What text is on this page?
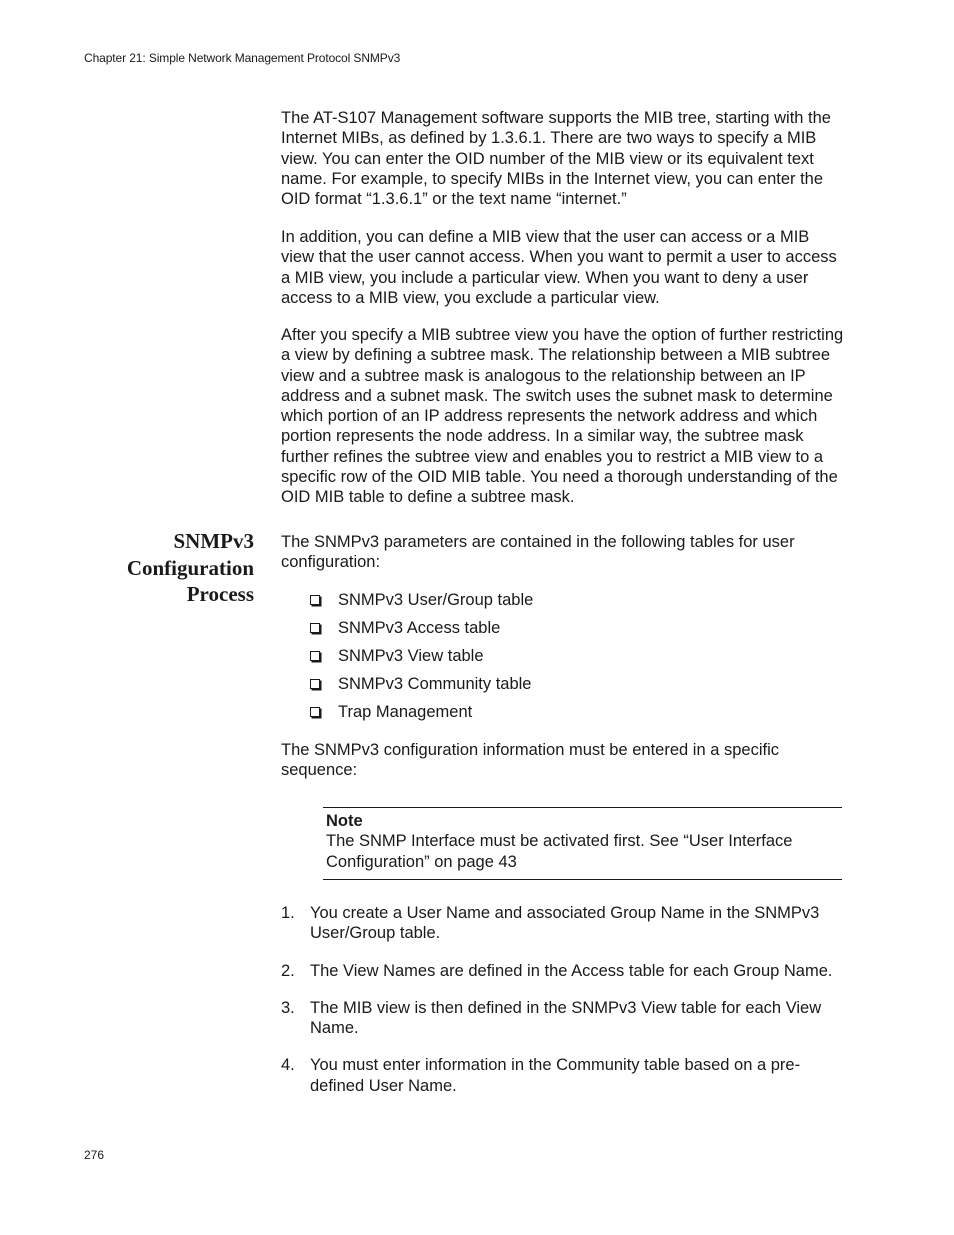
Chapter 21: Simple Network Management Protocol SNMPv3

The AT-S107 Management software supports the MIB tree, starting with the Internet MIBs, as defined by 1.3.6.1. There are two ways to specify a MIB view. You can enter the OID number of the MIB view or its equivalent text name. For example, to specify MIBs in the Internet view, you can enter the OID format “1.3.6.1” or the text name “internet.”

In addition, you can define a MIB view that the user can access or a MIB view that the user cannot access. When you want to permit a user to access a MIB view, you include a particular view. When you want to deny a user access to a MIB view, you exclude a particular view.

After you specify a MIB subtree view you have the option of further restricting a view by defining a subtree mask. The relationship between a MIB subtree view and a subtree mask is analogous to the relationship between an IP address and a subnet mask. The switch uses the subnet mask to determine which portion of an IP address represents the network address and which portion represents the node address. In a similar way, the subtree mask further refines the subtree view and enables you to restrict a MIB view to a specific row of the OID MIB table. You need a thorough understanding of the OID MIB table to define a subtree mask.

SNMPv3
Configuration
Process

The SNMPv3 parameters are contained in the following tables for user configuration:

SNMPv3 User/Group table
SNMPv3 Access table
SNMPv3 View table
SNMPv3 Community table
Trap Management

The SNMPv3 configuration information must be entered in a specific sequence:

Note
The SNMP Interface must be activated first. See “User Interface Configuration” on page 43
1. You create a User Name and associated Group Name in the SNMPv3 User/Group table.
2. The View Names are defined in the Access table for each Group Name.
3. The MIB view is then defined in the SNMPv3 View table for each View Name.
4. You must enter information in the Community table based on a pre-defined User Name.
276
